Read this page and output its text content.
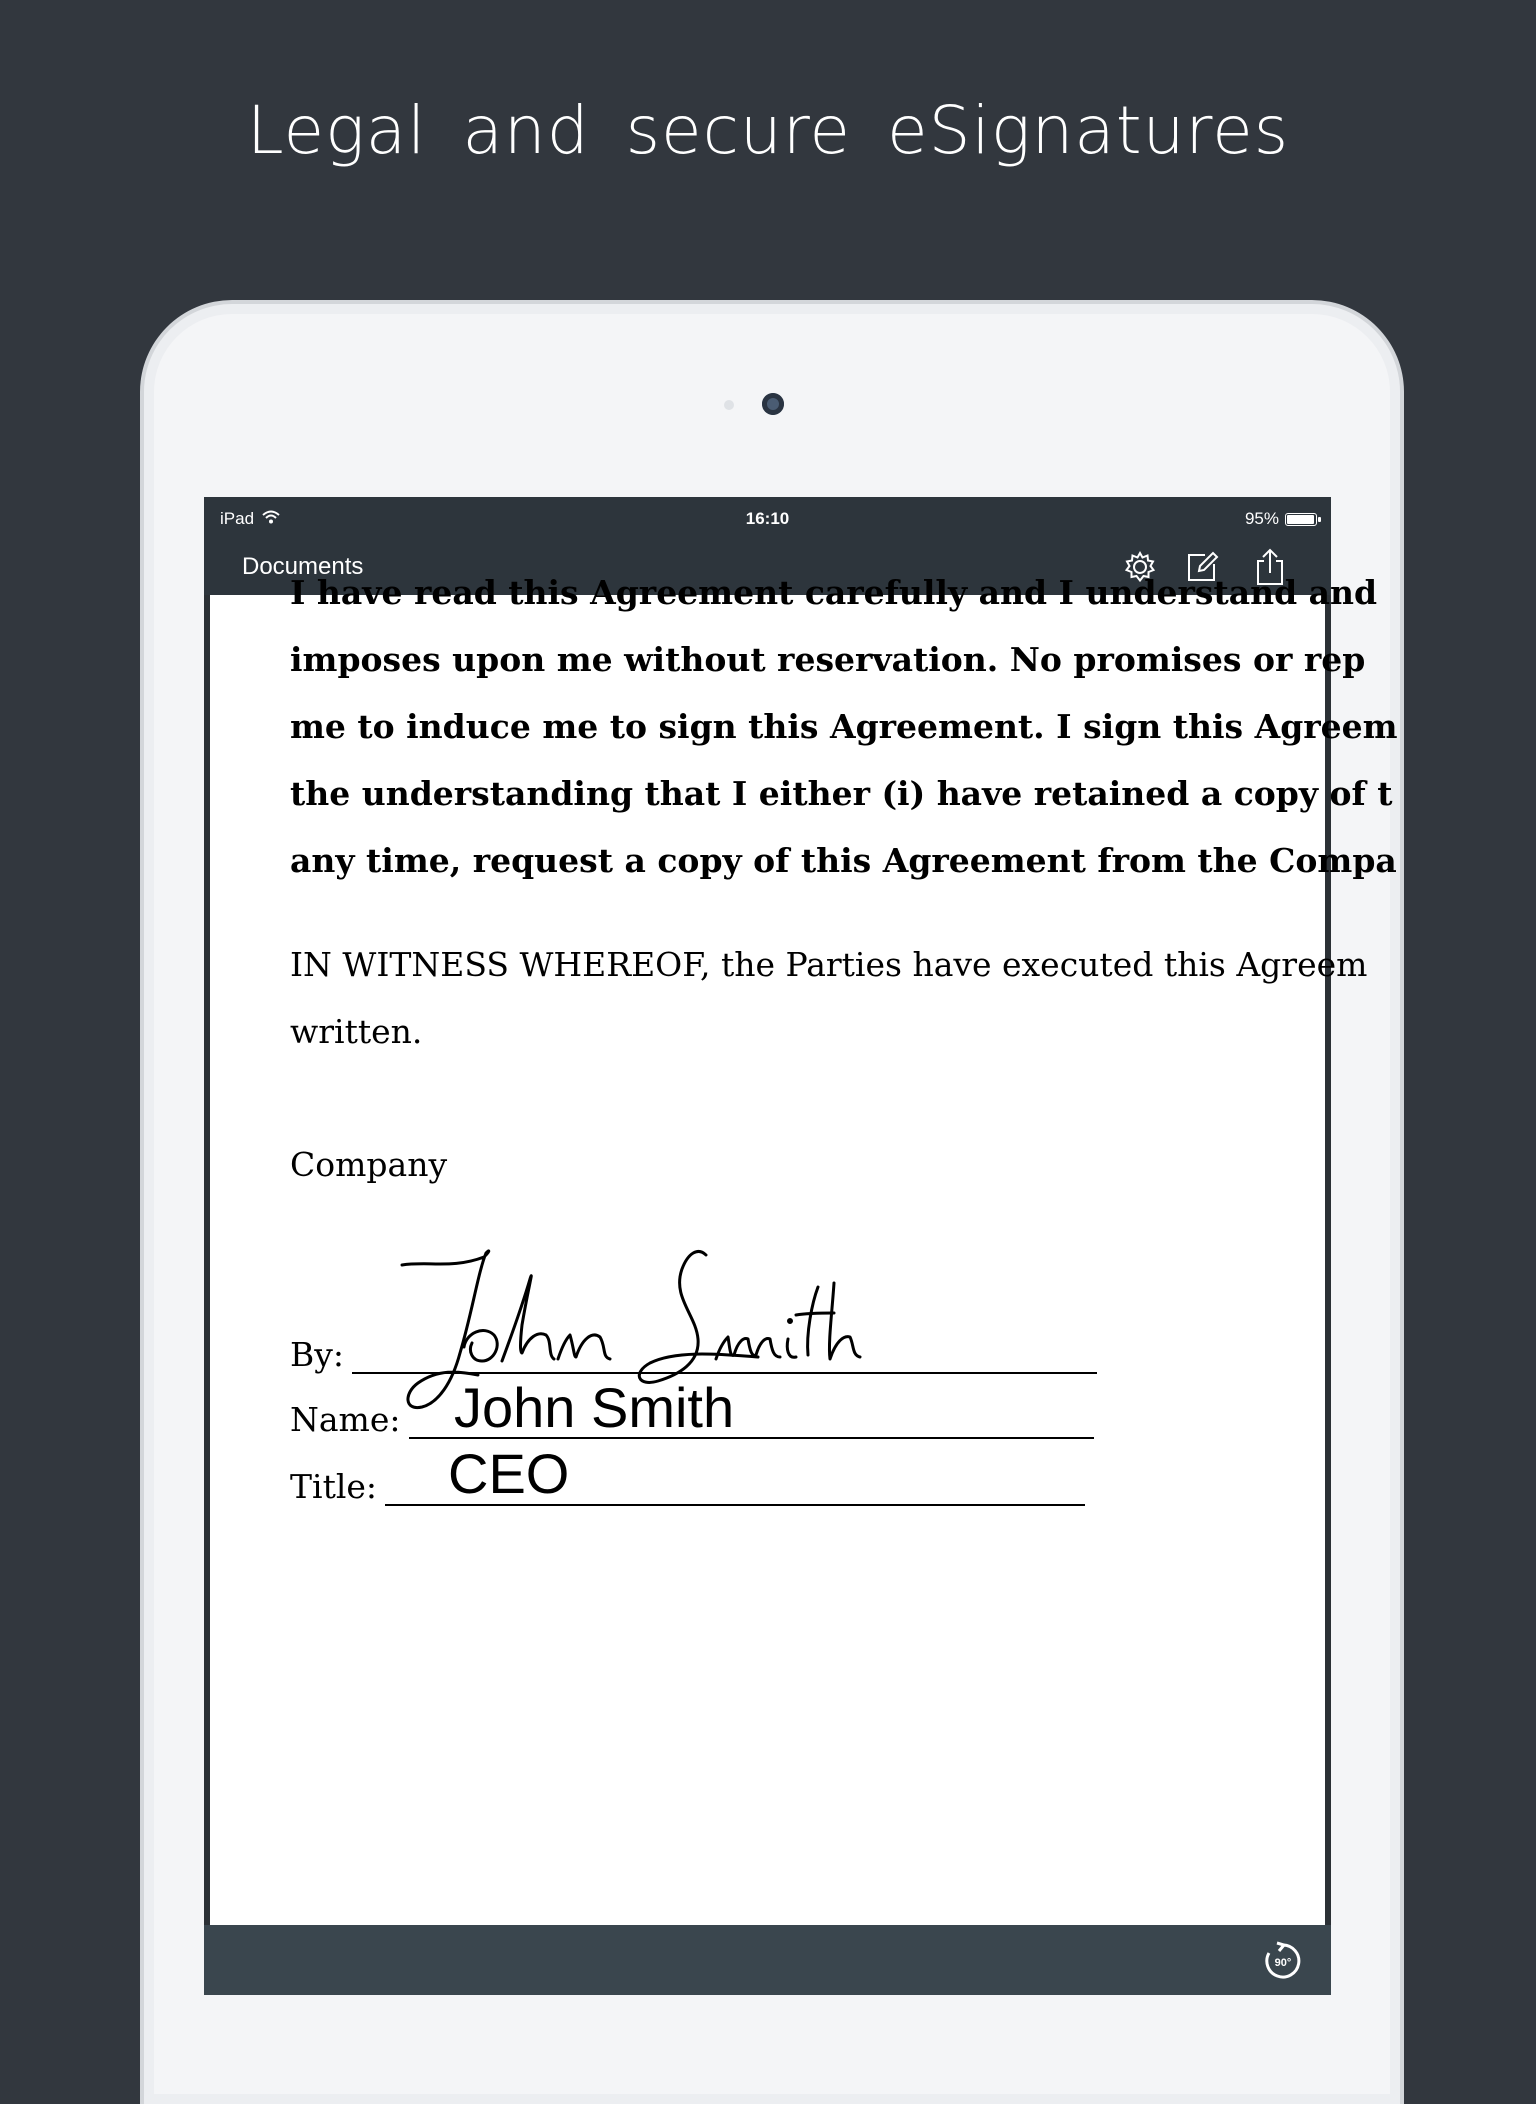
Legal and secure eSignatures
iPad	16:10	95%
Documents
I have read this Agreement carefully and I understand and
imposes upon me without reservation. No promises or rep
me to induce me to sign this Agreement. I sign this Agreem
the understanding that I either (i) have retained a copy of t
any time, request a copy of this Agreement from the Compa
IN WITNESS WHEREOF, the Parties have executed this Agreem
written.
Company
By:
Name:
Title:
John Smith
CEO
90°
